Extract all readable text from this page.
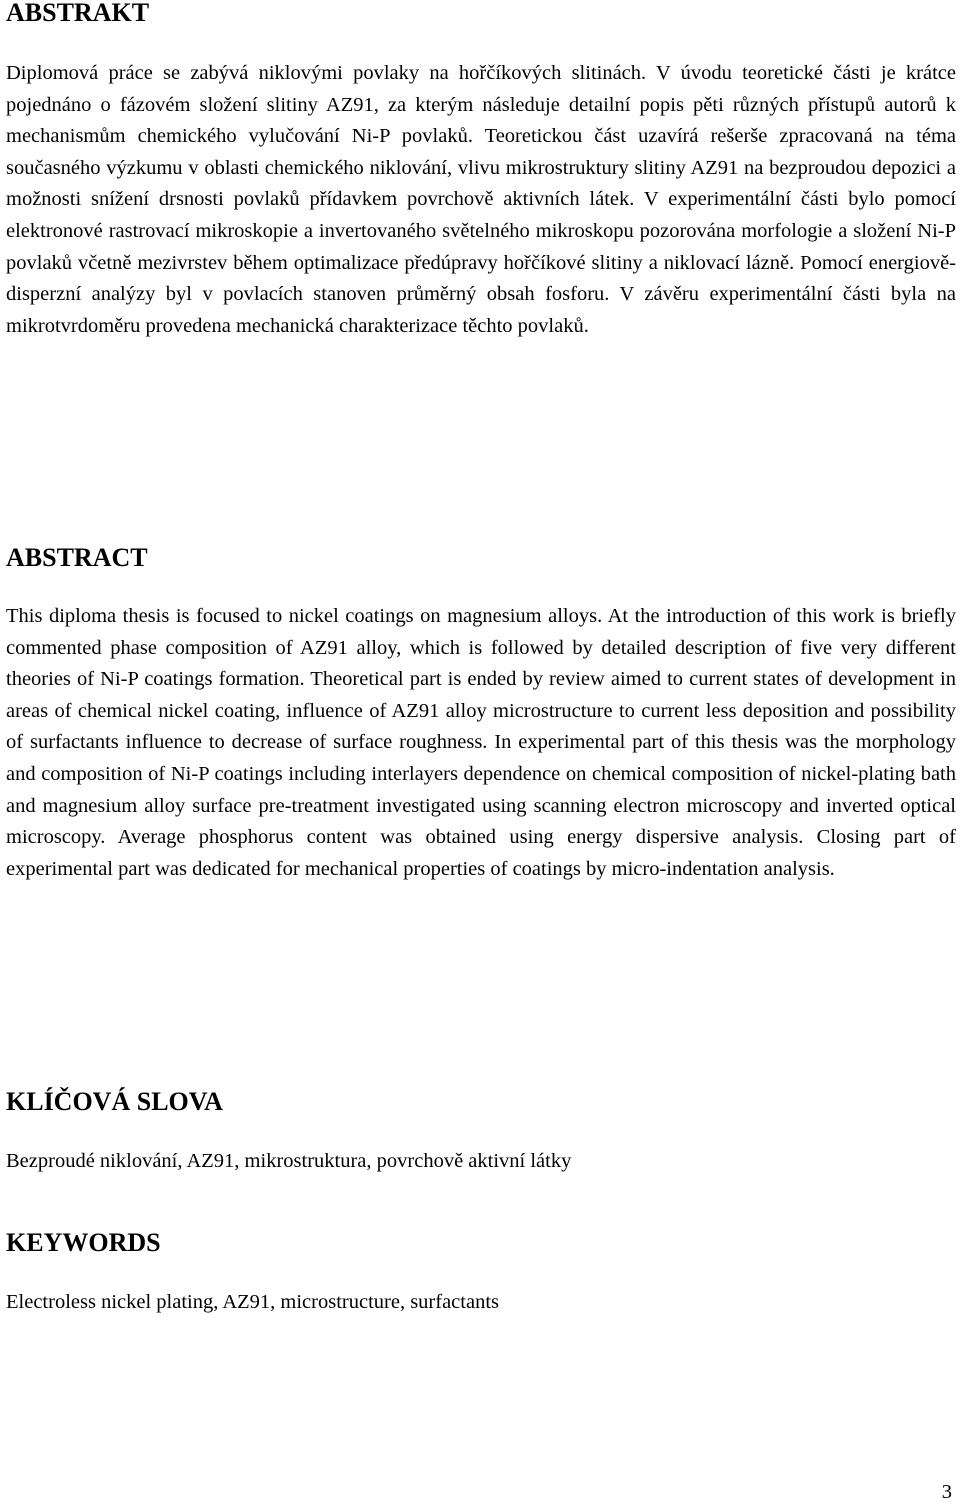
ABSTRAKT

Diplomová práce se zabývá niklovými povlaky na hořčíkových slitinách. V úvodu teoretické části je krátce pojednáno o fázovém složení slitiny AZ91, za kterým následuje detailní popis pěti různých přístupů autorů k mechanismům chemického vylučování Ni-P povlaků. Teoretickou část uzavírá rešerše zpracovaná na téma současného výzkumu v oblasti chemického niklování, vlivu mikrostruktury slitiny AZ91 na bezproudou depozici a možnosti snížení drsnosti povlaků přídavkem povrchově aktivních látek. V experimentální části bylo pomocí elektronové rastrovací mikroskopie a invertovaného světelného mikroskopu pozorována morfologie a složení Ni-P povlaků včetně mezivrstev během optimalizace předúpravy hořčíkové slitiny a niklovací lázně. Pomocí energiově-disperzní analýzy byl v povlacích stanoven průměrný obsah fosforu. V závěru experimentální části byla na mikrotvrdoměru provedena mechanická charakterizace těchto povlaků.

ABSTRACT

This diploma thesis is focused to nickel coatings on magnesium alloys. At the introduction of this work is briefly commented phase composition of AZ91 alloy, which is followed by detailed description of five very different theories of Ni-P coatings formation. Theoretical part is ended by review aimed to current states of development in areas of chemical nickel coating, influence of AZ91 alloy microstructure to current less deposition and possibility of surfactants influence to decrease of surface roughness. In experimental part of this thesis was the morphology and composition of Ni-P coatings including interlayers dependence on chemical composition of nickel-plating bath and magnesium alloy surface pre-treatment investigated using scanning electron microscopy and inverted optical microscopy. Average phosphorus content was obtained using energy dispersive analysis. Closing part of experimental part was dedicated for mechanical properties of coatings by micro-indentation analysis.

KLÍČOVÁ SLOVA

Bezproudé niklování, AZ91, mikrostruktura, povrchově aktivní látky

KEYWORDS

Electroless nickel plating, AZ91, microstructure, surfactants

3
